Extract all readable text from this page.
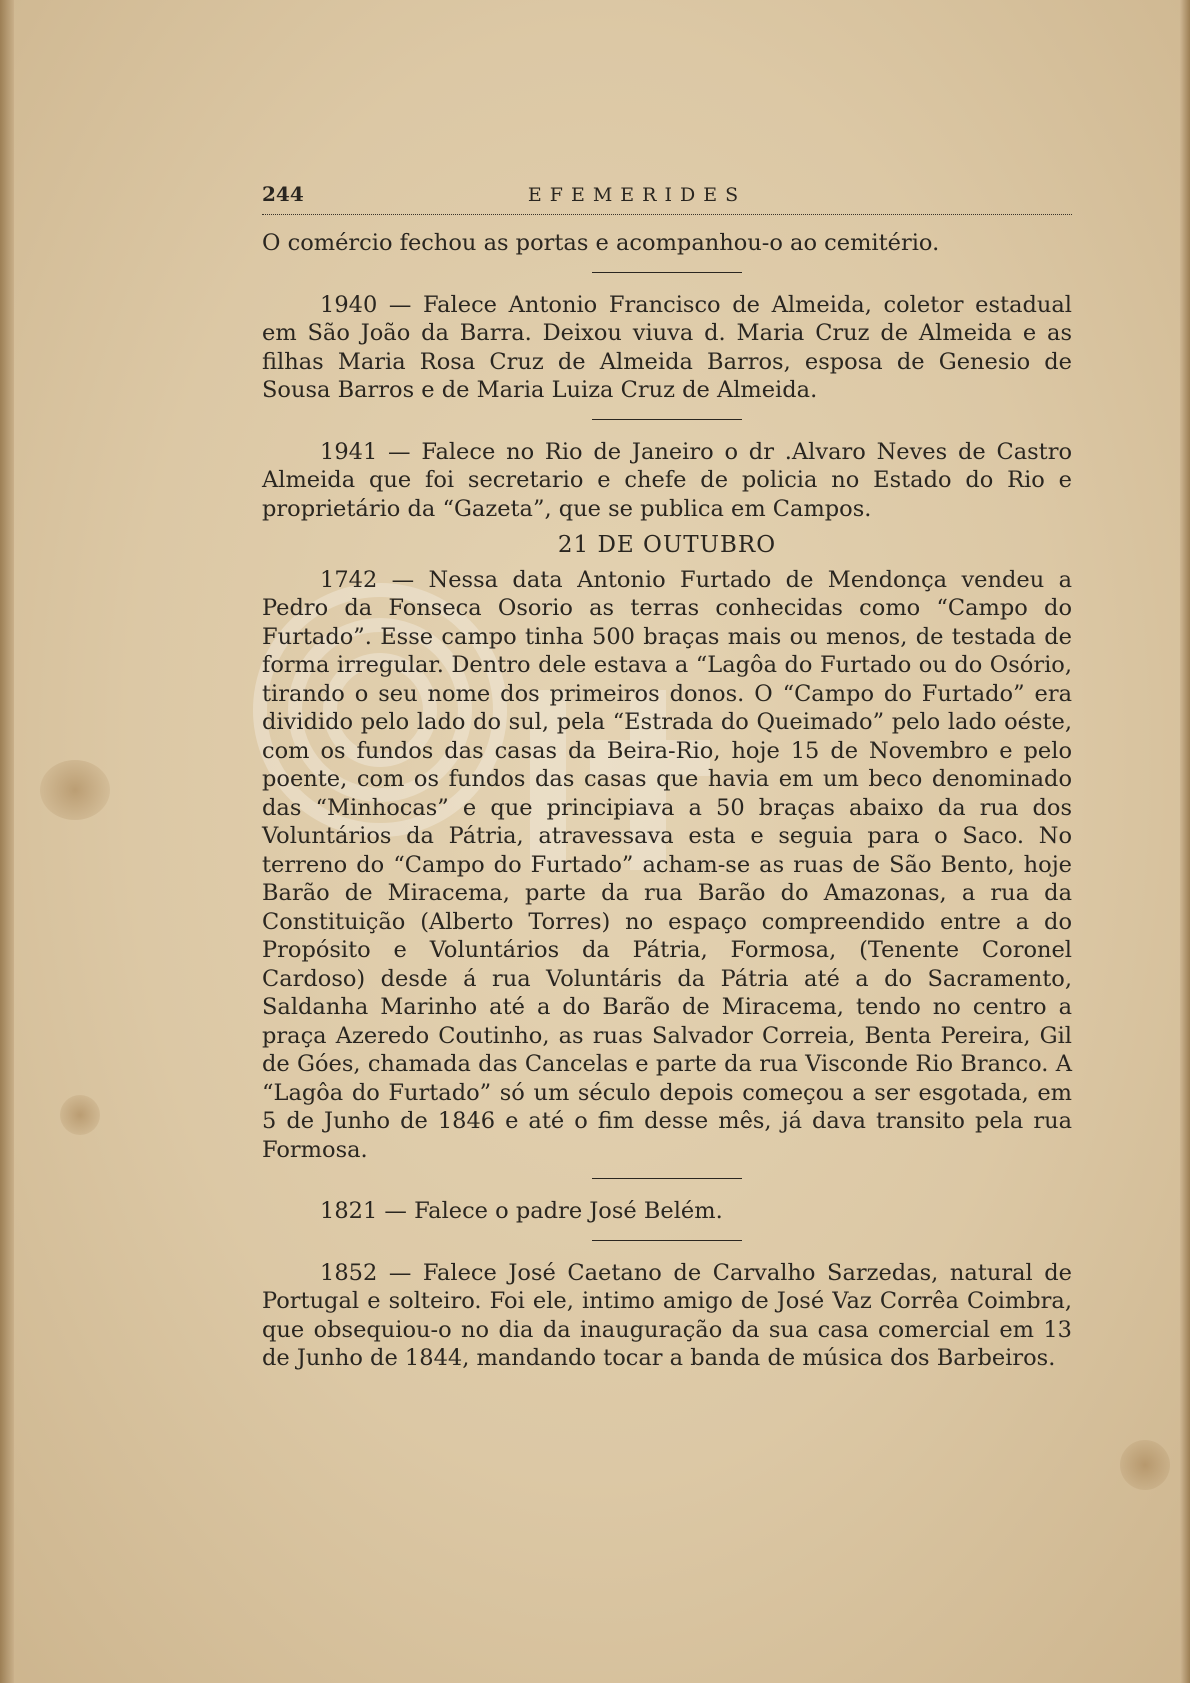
244	EFEMERIDES

O comércio fechou as portas e acompanhou-o ao cemitério.

1940 — Falece Antonio Francisco de Almeida, coletor estadual em São João da Barra. Deixou viuva d. Maria Cruz de Almeida e as filhas Maria Rosa Cruz de Almeida Barros, esposa de Genesio de Sousa Barros e de Maria Luiza Cruz de Almeida.

1941 — Falece no Rio de Janeiro o dr .Alvaro Neves de Castro Almeida que foi secretario e chefe de policia no Estado do Rio e proprietário da “Gazeta”, que se publica em Campos.

21 DE OUTUBRO

1742 — Nessa data Antonio Furtado de Mendonça vendeu a Pedro da Fonseca Osorio as terras conhecidas como “Campo do Furtado”. Esse campo tinha 500 braças mais ou menos, de testada de forma irregular. Dentro dele estava a “Lagôa do Furtado ou do Osório, tirando o seu nome dos primeiros donos. O “Campo do Furtado” era dividido pelo lado do sul, pela “Estrada do Queimado” pelo lado oéste, com os fundos das casas da Beira-Rio, hoje 15 de Novembro e pelo poente, com os fundos das casas que havia em um beco denominado das “Minhocas” e que principiava a 50 braças abaixo da rua dos Voluntários da Pátria, atravessava esta e seguia para o Saco. No terreno do “Campo do Furtado” acham-se as ruas de São Bento, hoje Barão de Miracema, parte da rua Barão do Amazonas, a rua da Constituição (Alberto Torres) no espaço compreendido entre a do Propósito e Voluntários da Pátria, Formosa, (Tenente Coronel Cardoso) desde á rua Voluntáris da Pátria até a do Sacramento, Saldanha Marinho até a do Barão de Miracema, tendo no centro a praça Azeredo Coutinho, as ruas Salvador Correia, Benta Pereira, Gil de Góes, chamada das Cancelas e parte da rua Visconde Rio Branco. A “Lagôa do Furtado” só um século depois começou a ser esgotada, em 5 de Junho de 1846 e até o fim desse mês, já dava transito pela rua Formosa.

1821 — Falece o padre José Belém.

1852 — Falece José Caetano de Carvalho Sarzedas, natural de Portugal e solteiro. Foi ele, intimo amigo de José Vaz Corrêa Coimbra, que obsequiou-o no dia da inauguração da sua casa comercial em 13 de Junho de 1844, mandando tocar a banda de música dos Barbeiros.
